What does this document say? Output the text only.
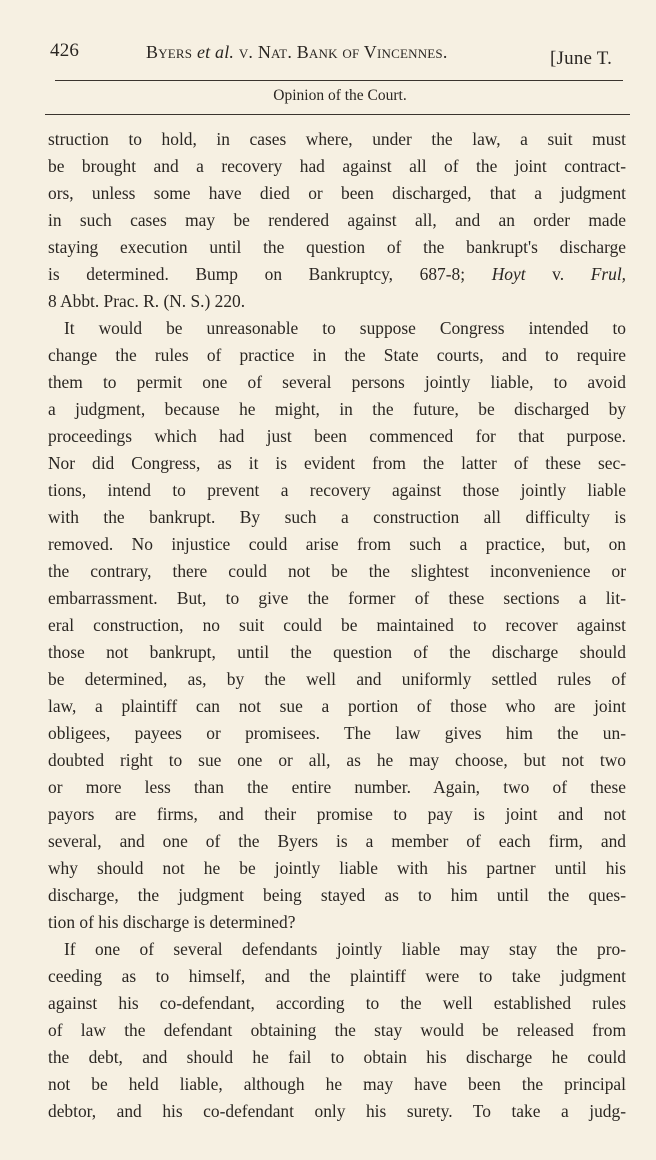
426	Byers et al. v. Nat. Bank of Vincennes.	[June T.
Opinion of the Court.
struction to hold, in cases where, under the law, a suit must
be brought and a recovery had against all of the joint contract-
ors, unless some have died or been discharged, that a judgment
in such cases may be rendered against all, and an order made
staying execution until the question of the bankrupt's discharge
is determined. Bump on Bankruptcy, 687-8; Hoyt v. Frul,
8 Abbt. Prac. R. (N. S.) 220.
It would be unreasonable to suppose Congress intended to
change the rules of practice in the State courts, and to require
them to permit one of several persons jointly liable, to avoid
a judgment, because he might, in the future, be discharged by
proceedings which had just been commenced for that purpose.
Nor did Congress, as it is evident from the latter of these sec-
tions, intend to prevent a recovery against those jointly liable
with the bankrupt. By such a construction all difficulty is
removed. No injustice could arise from such a practice, but, on
the contrary, there could not be the slightest inconvenience or
embarrassment. But, to give the former of these sections a lit-
eral construction, no suit could be maintained to recover against
those not bankrupt, until the question of the discharge should
be determined, as, by the well and uniformly settled rules of
law, a plaintiff can not sue a portion of those who are joint
obligees, payees or promisees. The law gives him the un-
doubted right to sue one or all, as he may choose, but not two
or more less than the entire number. Again, two of these
payors are firms, and their promise to pay is joint and not
several, and one of the Byers is a member of each firm, and
why should not he be jointly liable with his partner until his
discharge, the judgment being stayed as to him until the ques-
tion of his discharge is determined?
If one of several defendants jointly liable may stay the pro-
ceeding as to himself, and the plaintiff were to take judgment
against his co-defendant, according to the well established rules
of law the defendant obtaining the stay would be released from
the debt, and should he fail to obtain his discharge he could
not be held liable, although he may have been the principal
debtor, and his co-defendant only his surety. To take a judg-
